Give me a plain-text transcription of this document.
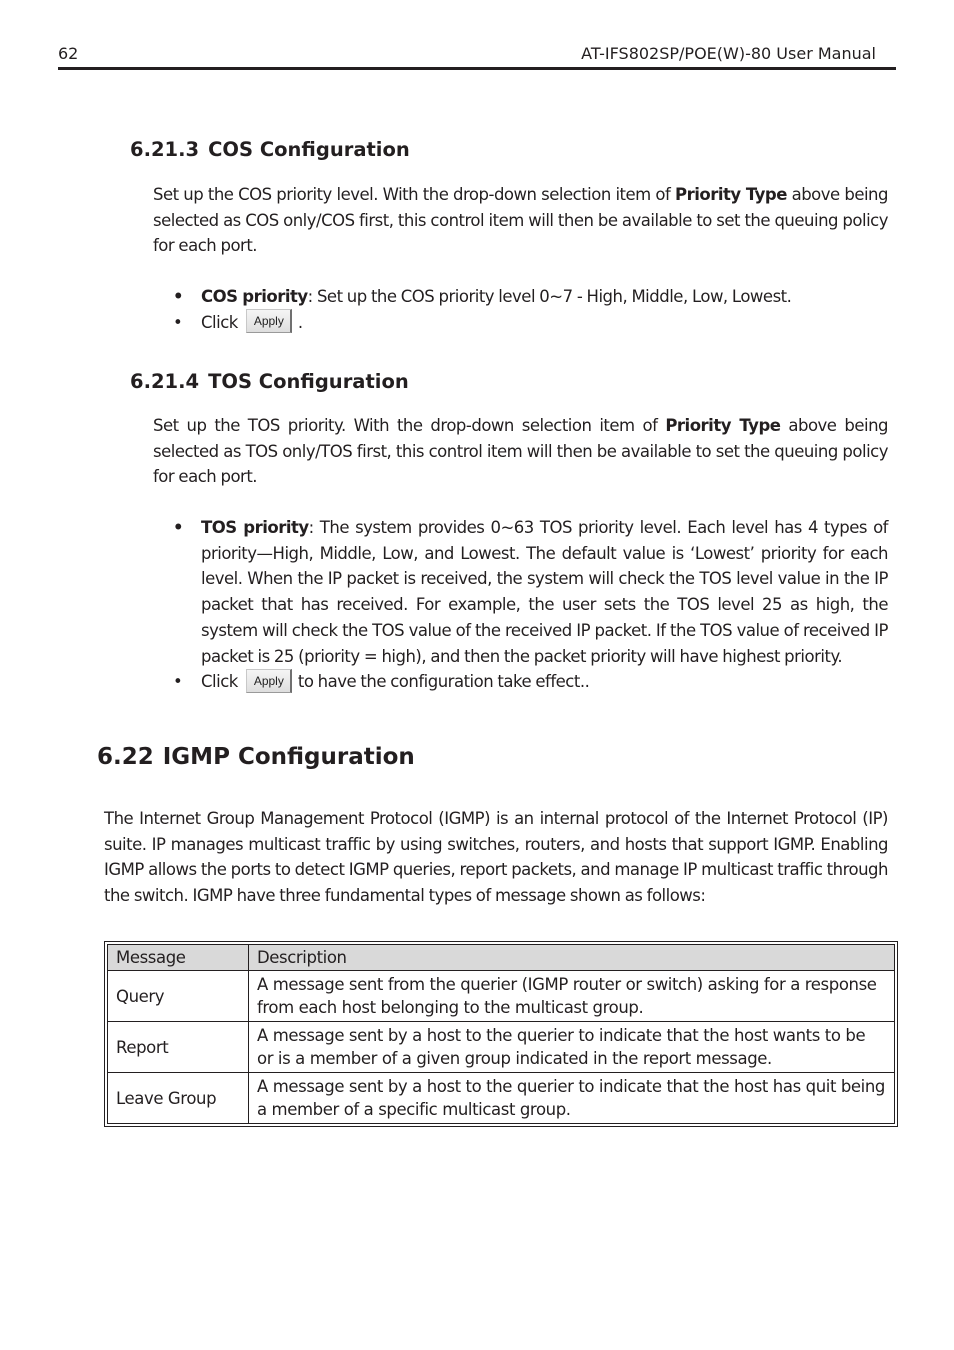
62	AT-IFS802SP/POE(W)-80 User Manual
6.21.3 COS Configuration

Set up the COS priority level. With the drop-down selection item of Priority Type above being selected as COS only/COS first, this control item will then be available to set the queuing policy for each port.

• COS priority: Set up the COS priority level 0~7 - High, Middle, Low, Lowest.
• Click Apply .
6.21.4 TOS Configuration

Set up the TOS priority. With the drop-down selection item of Priority Type above being selected as TOS only/TOS first, this control item will then be available to set the queuing policy for each port.

• TOS priority: The system provides 0~63 TOS priority level. Each level has 4 types of priority—High, Middle, Low, and Lowest. The default value is ‘Lowest’ priority for each level. When the IP packet is received, the system will check the TOS level value in the IP packet that has received. For example, the user sets the TOS level 25 as high, the system will check the TOS value of the received IP packet. If the TOS value of received IP packet is 25 (priority = high), and then the packet priority will have highest priority.
• Click Apply to have the configuration take effect..
6.22 IGMP Configuration

The Internet Group Management Protocol (IGMP) is an internal protocol of the Internet Protocol (IP) suite. IP manages multicast traffic by using switches, routers, and hosts that support IGMP. Enabling IGMP allows the ports to detect IGMP queries, report packets, and manage IP multicast traffic through the switch. IGMP have three fundamental types of message shown as follows:

Message	Description
Query	A message sent from the querier (IGMP router or switch) asking for a response from each host belonging to the multicast group.
Report	A message sent by a host to the querier to indicate that the host wants to be or is a member of a given group indicated in the report message.
Leave Group	A message sent by a host to the querier to indicate that the host has quit being a member of a specific multicast group.
